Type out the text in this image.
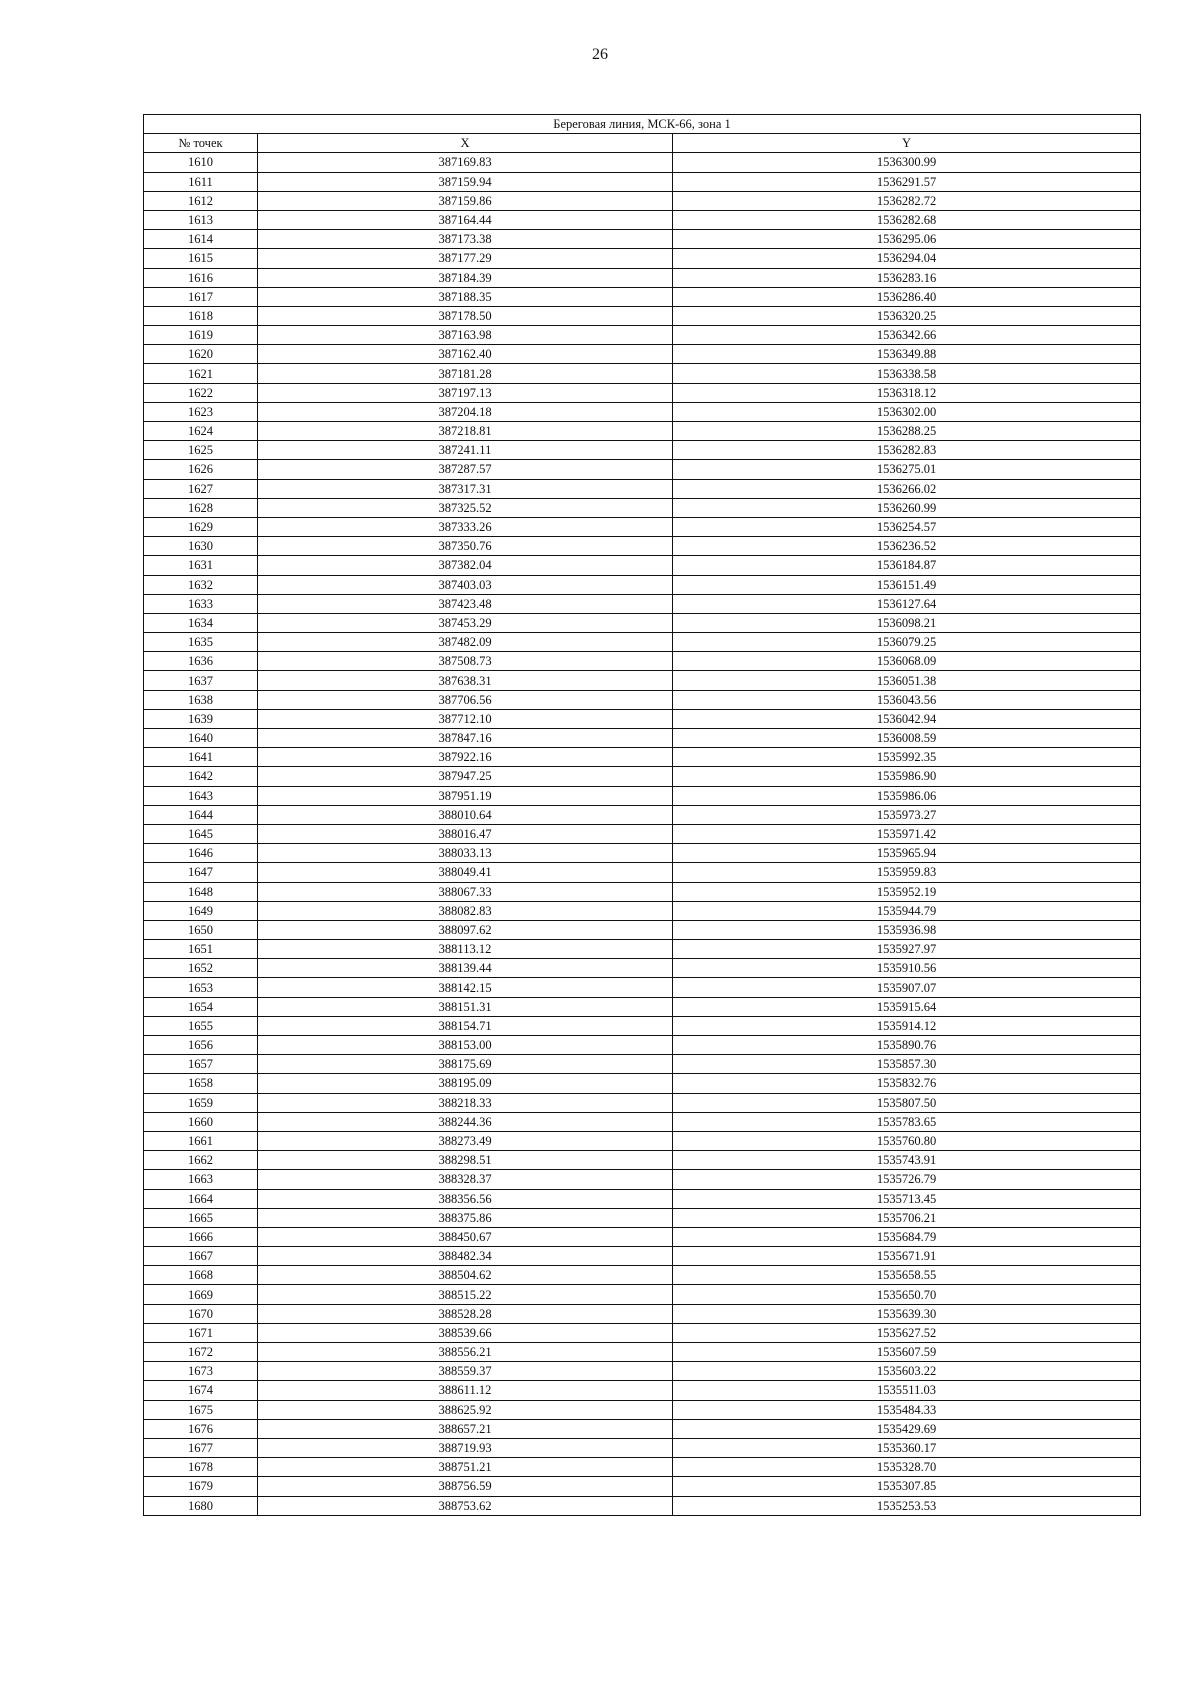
26
Береговая линия, МСК-66, зона 1		
№ точек	X	Y
1610	387169.83	1536300.99
1611	387159.94	1536291.57
1612	387159.86	1536282.72
1613	387164.44	1536282.68
1614	387173.38	1536295.06
1615	387177.29	1536294.04
1616	387184.39	1536283.16
1617	387188.35	1536286.40
1618	387178.50	1536320.25
1619	387163.98	1536342.66
1620	387162.40	1536349.88
1621	387181.28	1536338.58
1622	387197.13	1536318.12
1623	387204.18	1536302.00
1624	387218.81	1536288.25
1625	387241.11	1536282.83
1626	387287.57	1536275.01
1627	387317.31	1536266.02
1628	387325.52	1536260.99
1629	387333.26	1536254.57
1630	387350.76	1536236.52
1631	387382.04	1536184.87
1632	387403.03	1536151.49
1633	387423.48	1536127.64
1634	387453.29	1536098.21
1635	387482.09	1536079.25
1636	387508.73	1536068.09
1637	387638.31	1536051.38
1638	387706.56	1536043.56
1639	387712.10	1536042.94
1640	387847.16	1536008.59
1641	387922.16	1535992.35
1642	387947.25	1535986.90
1643	387951.19	1535986.06
1644	388010.64	1535973.27
1645	388016.47	1535971.42
1646	388033.13	1535965.94
1647	388049.41	1535959.83
1648	388067.33	1535952.19
1649	388082.83	1535944.79
1650	388097.62	1535936.98
1651	388113.12	1535927.97
1652	388139.44	1535910.56
1653	388142.15	1535907.07
1654	388151.31	1535915.64
1655	388154.71	1535914.12
1656	388153.00	1535890.76
1657	388175.69	1535857.30
1658	388195.09	1535832.76
1659	388218.33	1535807.50
1660	388244.36	1535783.65
1661	388273.49	1535760.80
1662	388298.51	1535743.91
1663	388328.37	1535726.79
1664	388356.56	1535713.45
1665	388375.86	1535706.21
1666	388450.67	1535684.79
1667	388482.34	1535671.91
1668	388504.62	1535658.55
1669	388515.22	1535650.70
1670	388528.28	1535639.30
1671	388539.66	1535627.52
1672	388556.21	1535607.59
1673	388559.37	1535603.22
1674	388611.12	1535511.03
1675	388625.92	1535484.33
1676	388657.21	1535429.69
1677	388719.93	1535360.17
1678	388751.21	1535328.70
1679	388756.59	1535307.85
1680	388753.62	1535253.53
